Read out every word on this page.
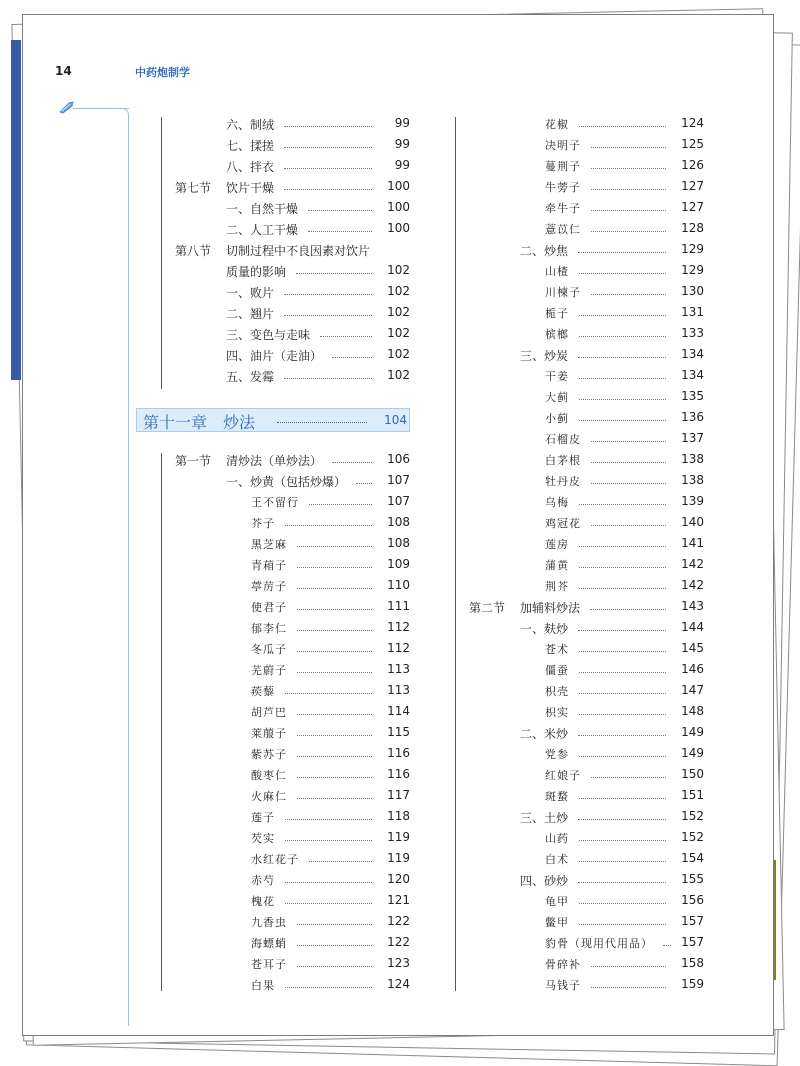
14	中药炮制学
六、制绒	99
七、揉搓	99
八、拌衣	99
第七节 饮片干燥	100
一、自然干燥	100
二、人工干燥	100
第八节 切制过程中不良因素对饮片
质量的影响	102
一、败片	102
二、翘片	102
三、变色与走味	102
四、油片（走油）	102
五、发霉	102
第十一章　炒法	104
第一节 清炒法（单炒法）	106
一、炒黄（包括炒爆）	107
王不留行	107
芥子	108
黑芝麻	108
青葙子	109
葶苈子	110
使君子	111
郁李仁	112
冬瓜子	112
芜蔚子	113
蒺藜	113
胡芦巴	114
莱菔子	115
紫苏子	116
酸枣仁	116
火麻仁	117
莲子	118
芡实	119
水红花子	119
赤芍	120
槐花	121
九香虫	122
海螵蛸	122
苍耳子	123
白果	124
花椒	124
决明子	125
蔓荆子	126
牛蒡子	127
牵牛子	127
薏苡仁	128
二、炒焦	129
山楂	129
川楝子	130
栀子	131
槟榔	133
三、炒炭	134
干姜	134
大蓟	135
小蓟	136
石榴皮	137
白茅根	138
牡丹皮	138
乌梅	139
鸡冠花	140
莲房	141
蒲黄	142
荆芥	142
第二节 加辅料炒法	143
一、麸炒	144
苍术	145
僵蚕	146
枳壳	147
枳实	148
二、米炒	149
党参	149
红娘子	150
斑蝥	151
三、土炒	152
山药	152
白术	154
四、砂炒	155
龟甲	156
鳖甲	157
豹骨（现用代用品）	157
骨碎补	158
马钱子	159
